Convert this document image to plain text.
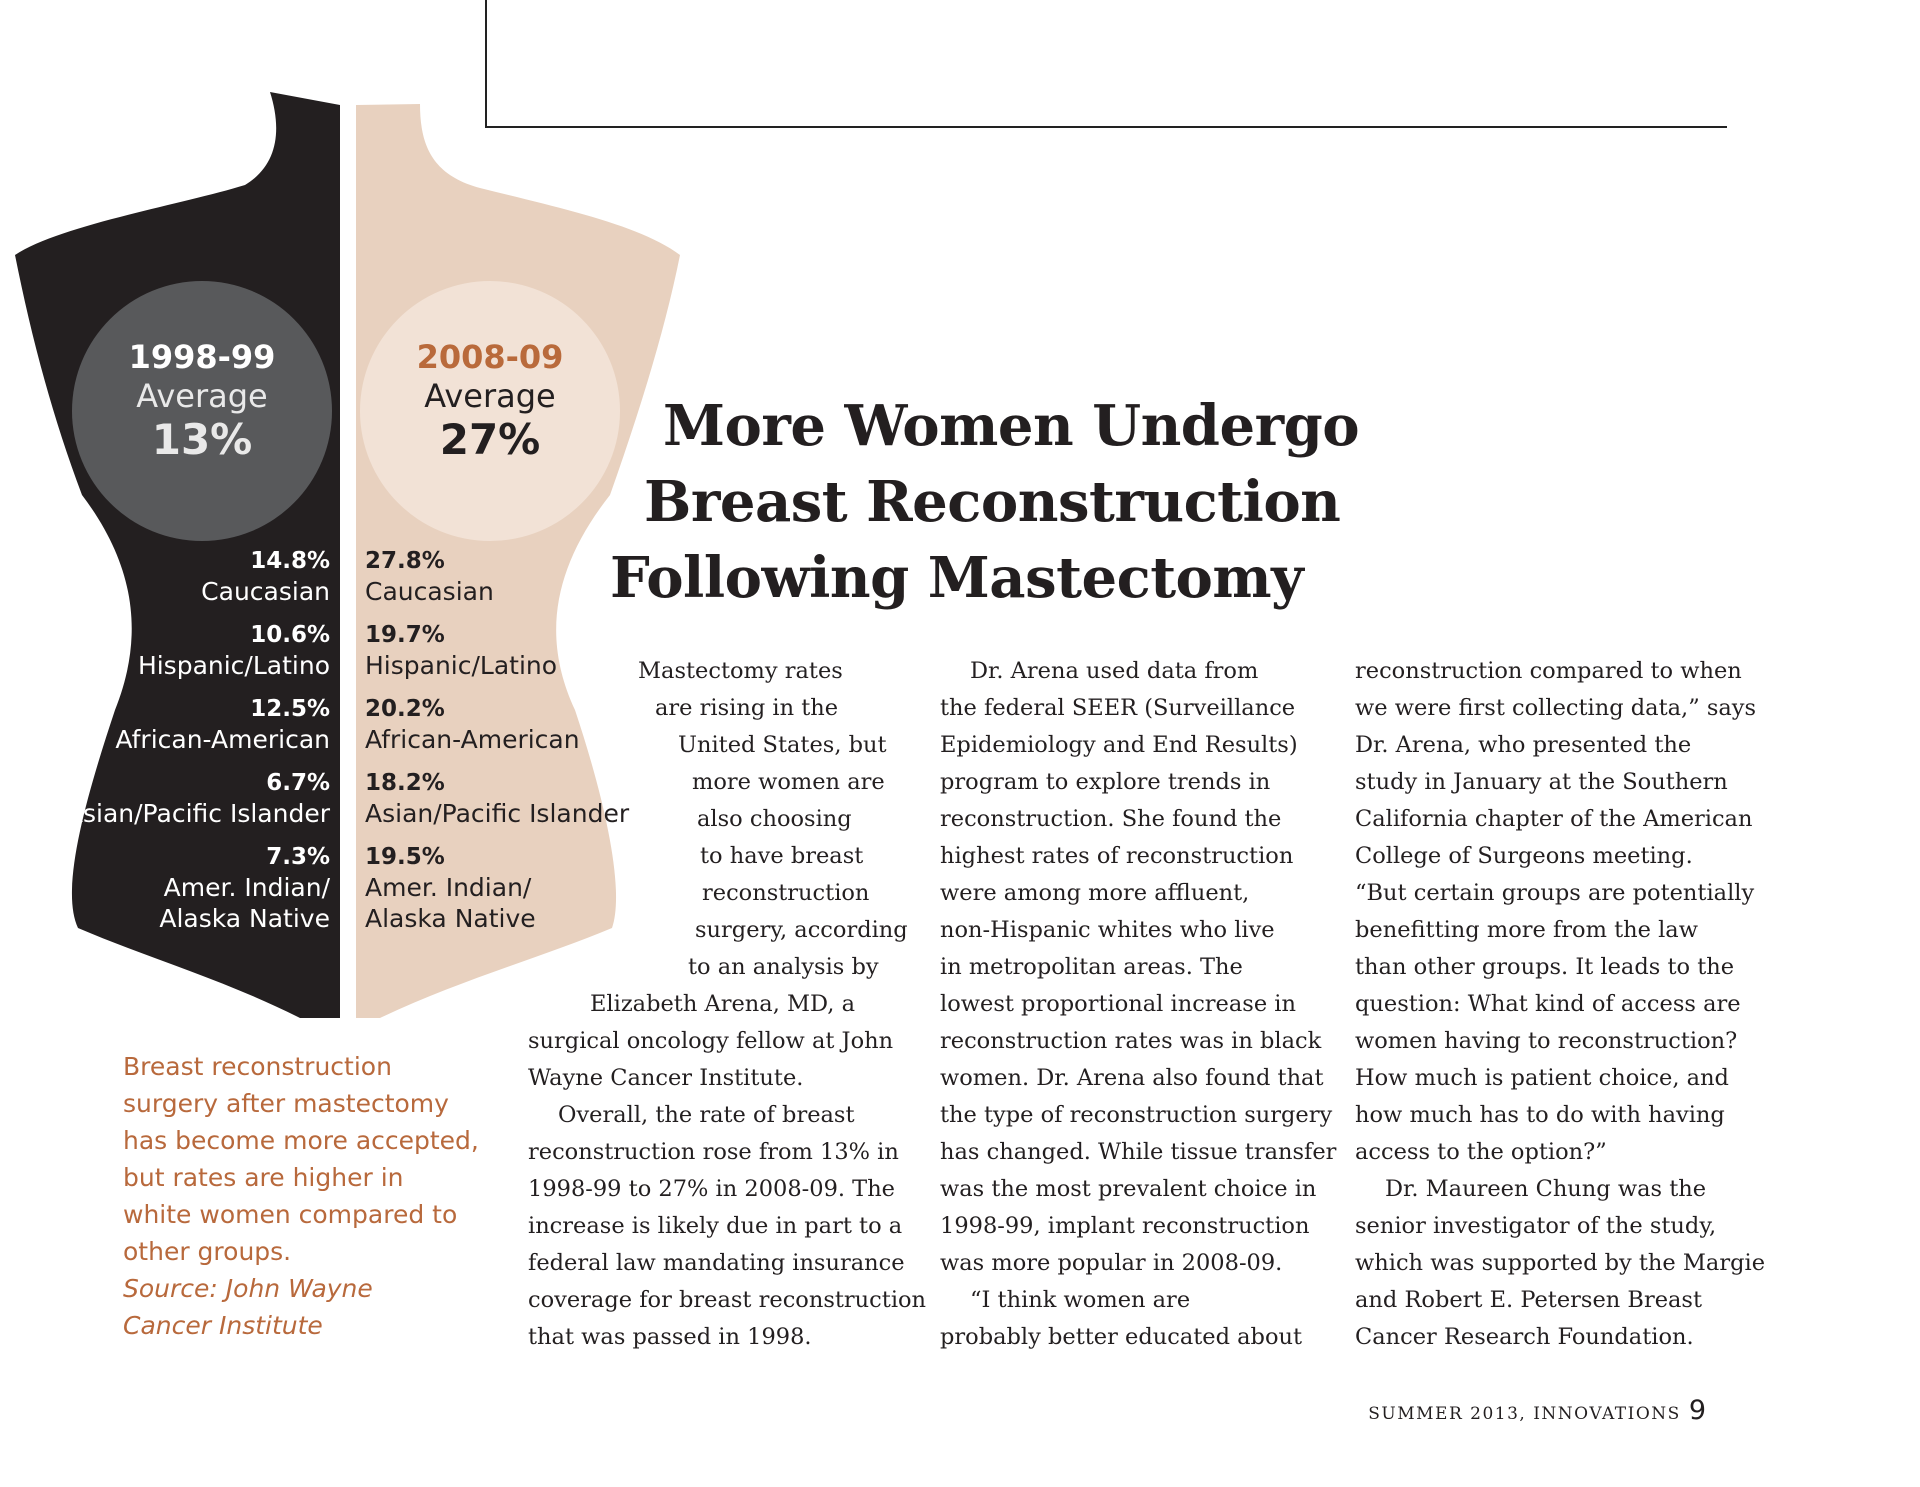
1998-99
Average
13%
2008-09
Average
27%
14.8%
Caucasian
10.6%
Hispanic/Latino
12.5%
African-American
6.7%
Asian/Pacific Islander
7.3%
Amer. Indian/
Alaska Native
27.8%
Caucasian
19.7%
Hispanic/Latino
20.2%
African-American
18.2%
Asian/Pacific Islander
19.5%
Amer. Indian/
Alaska Native
Breast reconstruction
surgery after mastectomy
has become more accepted,
but rates are higher in
white women compared to
other groups.
Source: John Wayne
Cancer Institute
More Women Undergo
Breast Reconstruction
Following Mastectomy
Mastectomy rates
are rising in the
United States, but
more women are
also choosing
to have breast
reconstruction
surgery, according
to an analysis by
Elizabeth Arena, MD, a
surgical oncology fellow at John
Wayne Cancer Institute.
Overall, the rate of breast
reconstruction rose from 13% in
1998-99 to 27% in 2008-09. The
increase is likely due in part to a
federal law mandating insurance
coverage for breast reconstruction
that was passed in 1998.
Dr. Arena used data from
the federal SEER (Surveillance
Epidemiology and End Results)
program to explore trends in
reconstruction. She found the
highest rates of reconstruction
were among more affluent,
non-Hispanic whites who live
in metropolitan areas. The
lowest proportional increase in
reconstruction rates was in black
women. Dr. Arena also found that
the type of reconstruction surgery
has changed. While tissue transfer
was the most prevalent choice in
1998-99, implant reconstruction
was more popular in 2008-09.
“I think women are
probably better educated about
reconstruction compared to when
we were first collecting data,” says
Dr. Arena, who presented the
study in January at the Southern
California chapter of the American
College of Surgeons meeting.
“But certain groups are potentially
benefitting more from the law
than other groups. It leads to the
question: What kind of access are
women having to reconstruction?
How much is patient choice, and
how much has to do with having
access to the option?”
Dr. Maureen Chung was the
senior investigator of the study,
which was supported by the Margie
and Robert E. Petersen Breast
Cancer Research Foundation.
SUMMER 2013, INNOVATIONS 9
